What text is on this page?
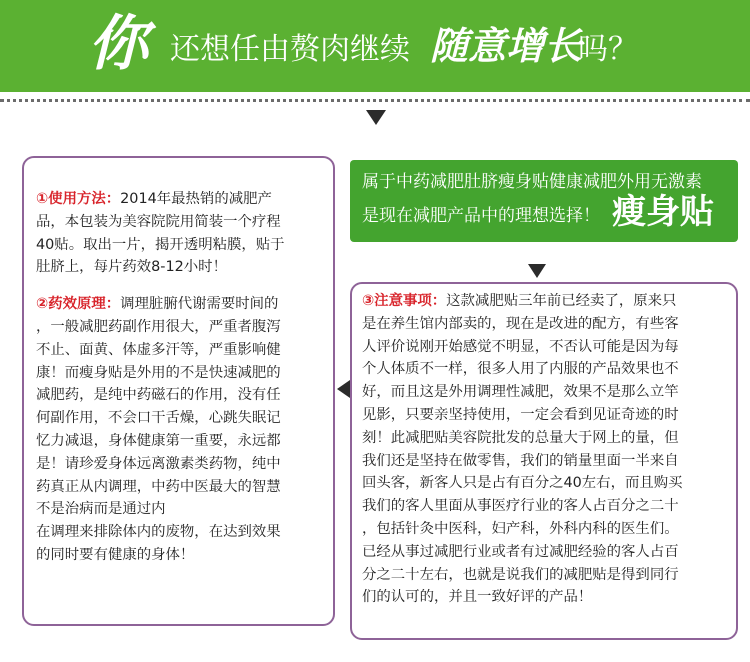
你 还想任由赘肉继续 随意增长
吗？

①使用方法：2014年最热销的减肥产

品，本包装为美容院院用简装一个疗程

40贴。取出一片，揭开透明粘膜，贴于

肚脐上，每片药效8-12小时！

②药效原理：调理脏腑代谢需要时间的

，一般减肥药副作用很大，严重者腹泻

不止、面黄、体虚多汗等，严重影响健

康！而瘦身贴是外用的不是快速减肥的

减肥药，是纯中药磁石的作用，没有任

何副作用，不会口干舌燥，心跳失眠记

忆力减退，身体健康第一重要，永远都

是！请珍爱身体远离激素类药物，纯中

药真正从内调理，中药中医最大的智慧

不是治病而是通过内

在调理来排除体内的废物，在达到效果

的同时要有健康的身体！

属于中药减肥肚脐瘦身贴健康减肥外用无激素
是现在减肥产品中的理想选择！ 瘦身贴

③注意事项：这款减肥贴三年前已经卖了，原来只

是在养生馆内部卖的，现在是改进的配方，有些客

人评价说刚开始感觉不明显，不否认可能是因为每

个人体质不一样，很多人用了内服的产品效果也不

好，而且这是外用调理性减肥，效果不是那么立竿

见影，只要亲坚持使用，一定会看到见证奇迹的时

刻！此减肥贴美容院批发的总量大于网上的量，但

我们还是坚持在做零售，我们的销量里面一半来自

回头客，新客人只是占有百分之40左右，而且购买

我们的客人里面从事医疗行业的客人占百分之二十

，包括针灸中医科，妇产科，外科内科的医生们。

已经从事过减肥行业或者有过减肥经验的客人占百

分之二十左右，也就是说我们的减肥贴是得到同行

们的认可的，并且一致好评的产品！
